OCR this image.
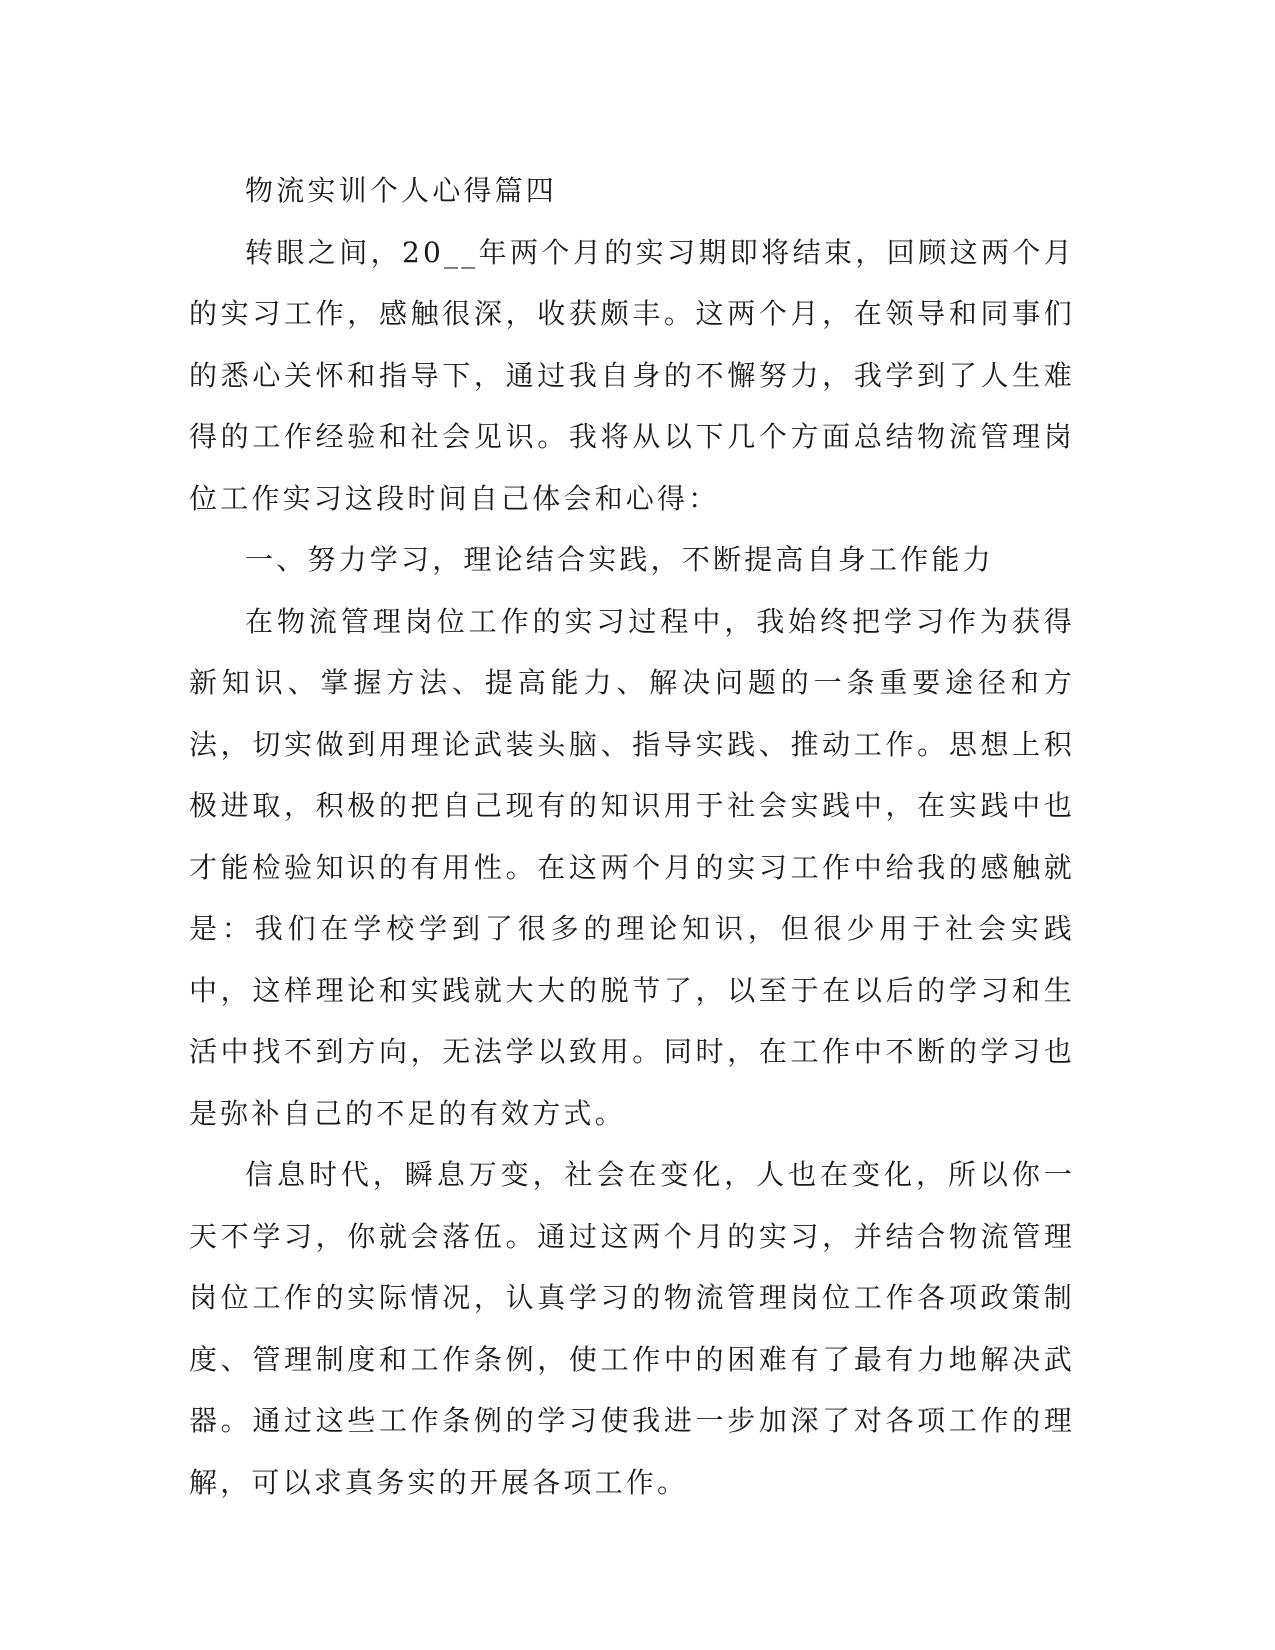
物流实训个人心得篇四

转眼之间，20__年两个月的实习期即将结束，回顾这两个月的实习工作，感触很深，收获颇丰。这两个月，在领导和同事们的悉心关怀和指导下，通过我自身的不懈努力，我学到了人生难得的工作经验和社会见识。我将从以下几个方面总结物流管理岗位工作实习这段时间自己体会和心得：

一、努力学习，理论结合实践，不断提高自身工作能力

在物流管理岗位工作的实习过程中，我始终把学习作为获得新知识、掌握方法、提高能力、解决问题的一条重要途径和方法，切实做到用理论武装头脑、指导实践、推动工作。思想上积极进取，积极的把自己现有的知识用于社会实践中，在实践中也才能检验知识的有用性。在这两个月的实习工作中给我的感触就是：我们在学校学到了很多的理论知识，但很少用于社会实践中，这样理论和实践就大大的脱节了，以至于在以后的学习和生活中找不到方向，无法学以致用。同时，在工作中不断的学习也是弥补自己的不足的有效方式。

信息时代，瞬息万变，社会在变化，人也在变化，所以你一天不学习，你就会落伍。通过这两个月的实习，并结合物流管理岗位工作的实际情况，认真学习的物流管理岗位工作各项政策制度、管理制度和工作条例，使工作中的困难有了最有力地解决武器。通过这些工作条例的学习使我进一步加深了对各项工作的理解，可以求真务实的开展各项工作。
